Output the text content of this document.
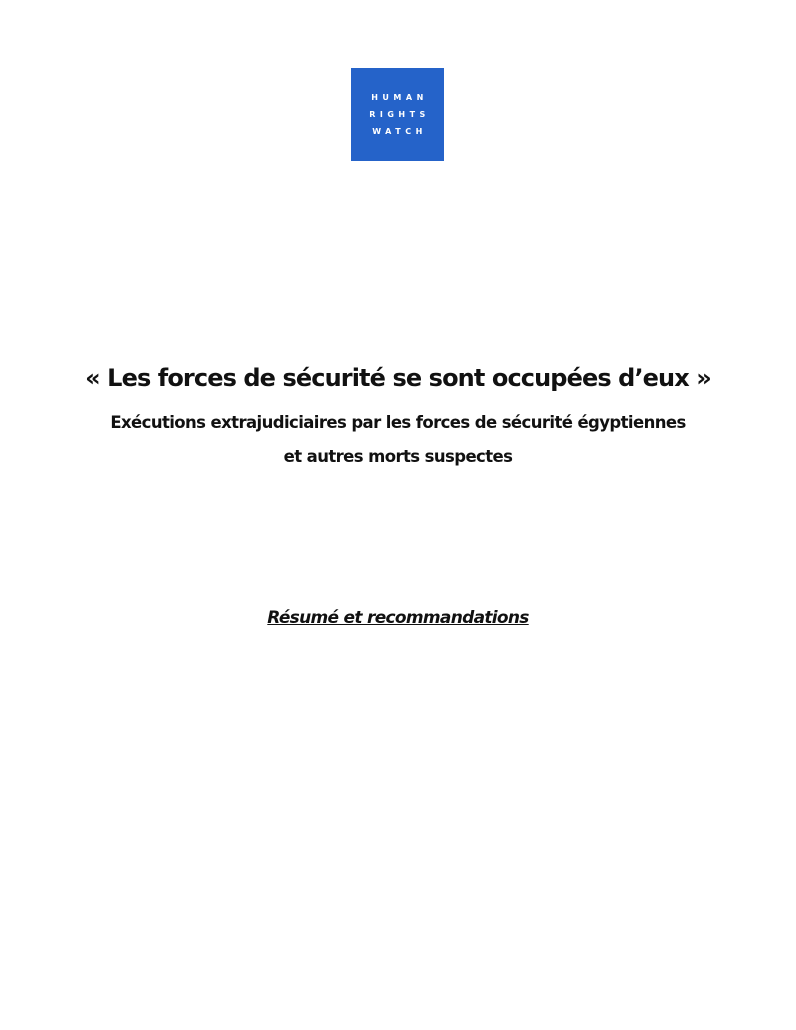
HUMAN
RIGHTS
WATCH
« Les forces de sécurité se sont occupées d’eux »
Exécutions extrajudiciaires par les forces de sécurité égyptiennes
et autres morts suspectes
Résumé et recommandations
